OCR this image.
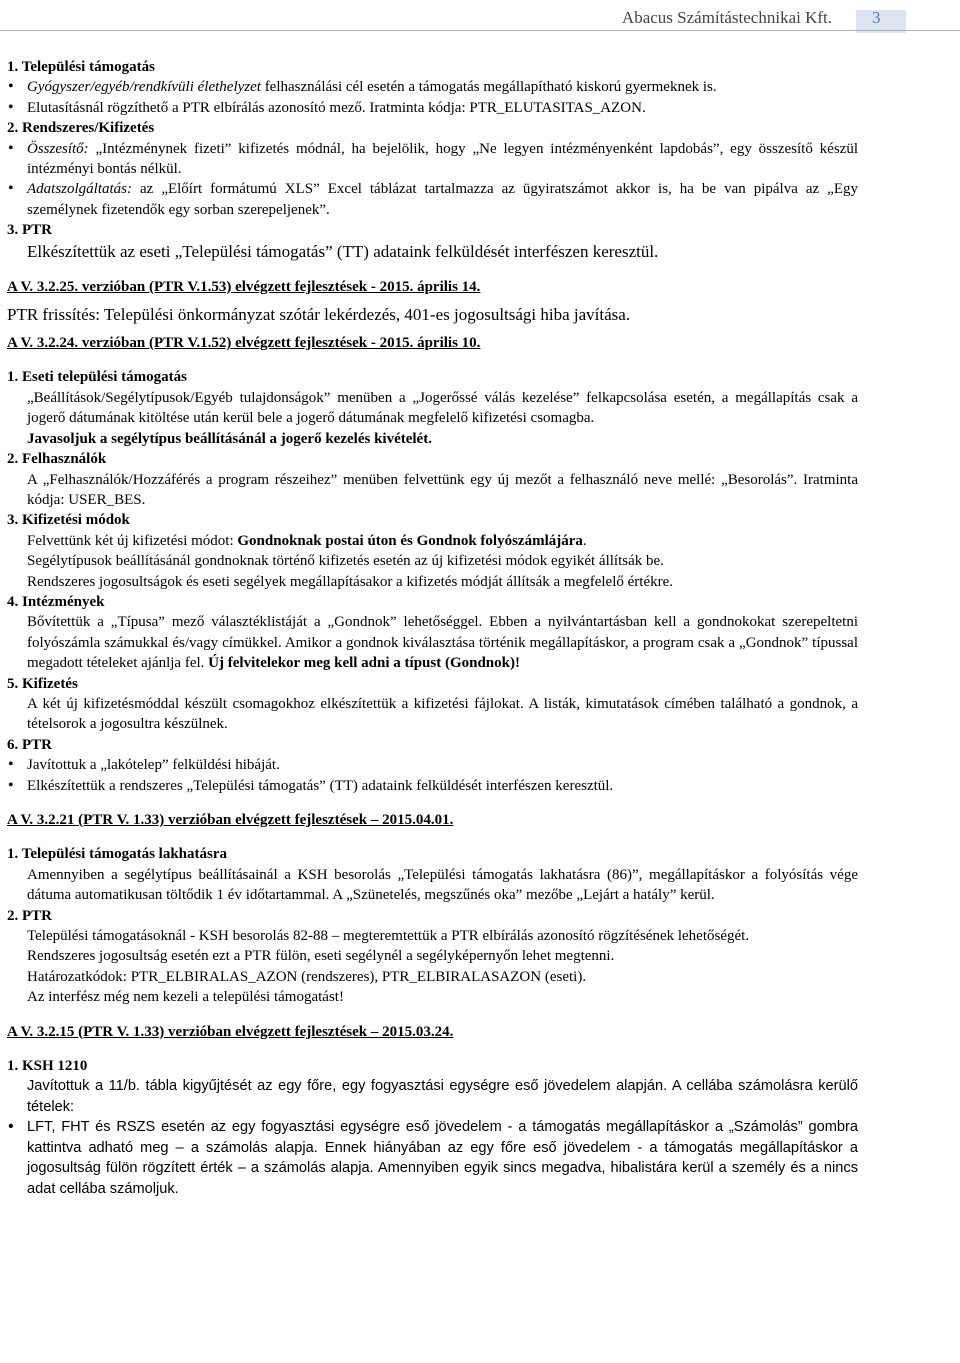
Abacus Számítástechnikai Kft. 3

1. Települési támogatás

• Gyógyszer/egyéb/rendkívüli élethelyzet felhasználási cél esetén a támogatás megállapítható kiskorú gyermeknek is.
• Elutasításnál rögzíthető a PTR elbírálás azonosító mező. Iratminta kódja: PTR_ELUTASITAS_AZON.

2. Rendszeres/Kifizetés

• Összesítő: „Intézménynek fizeti” kifizetés módnál, ha bejelölik, hogy „Ne legyen intézményenként lapdobás”, egy összesítő készül intézményi bontás nélkül.
• Adatszolgáltatás: az „Előírt formátumú XLS” Excel táblázat tartalmazza az ügyiratszámot akkor is, ha be van pipálva az „Egy személynek fizetendők egy sorban szerepeljenek”.

3. PTR

Elkészítettük az eseti „Települési támogatás” (TT) adataink felküldését interfészen keresztül.

A V. 3.2.25. verzióban (PTR V.1.53) elvégzett fejlesztések - 2015. április 14.

PTR frissítés: Települési önkormányzat szótár lekérdezés, 401-es jogosultsági hiba javítása.

A V. 3.2.24. verzióban (PTR V.1.52) elvégzett fejlesztések - 2015. április 10.

1. Eseti települési támogatás

„Beállítások/Segélytípusok/Egyéb tulajdonságok” menüben a „Jogerőssé válás kezelése” felkapcsolása esetén, a megállapítás csak a jogerő dátumának kitöltése után kerül bele a jogerő dátumának megfelelő kifizetési csomagba.

Javasoljuk a segélytípus beállításánál a jogerő kezelés kivételét.

2. Felhasználók

A „Felhasználók/Hozzáférés a program részeihez” menüben felvettünk egy új mezőt a felhasználó neve mellé: „Besorolás”. Iratminta kódja: USER_BES.

3. Kifizetési módok

Felvettünk két új kifizetési módot: Gondnoknak postai úton és Gondnok folyószámlájára.

Segélytípusok beállításánál gondnoknak történő kifizetés esetén az új kifizetési módok egyikét állítsák be.

Rendszeres jogosultságok és eseti segélyek megállapításakor a kifizetés módját állítsák a megfelelő értékre.

4. Intézmények

Bővítettük a „Típusa” mező választéklistáját a „Gondnok” lehetőséggel. Ebben a nyilvántartásban kell a gondnokokat szerepeltetni folyószámla számukkal és/vagy címükkel. Amikor a gondnok kiválasztása történik megállapításkor, a program csak a „Gondnok” típussal megadott tételeket ajánlja fel. Új felvitelekor meg kell adni a típust (Gondnok)!

5. Kifizetés

A két új kifizetésmóddal készült csomagokhoz elkészítettük a kifizetési fájlokat. A listák, kimutatások címében található a gondnok, a tételsorok a jogosultra készülnek.

6. PTR

• Javítottuk a „lakótelep” felküldési hibáját.
• Elkészítettük a rendszeres „Települési támogatás” (TT) adataink felküldését interfészen keresztül.

A V. 3.2.21 (PTR V. 1.33) verzióban elvégzett fejlesztések – 2015.04.01.

1. Települési támogatás lakhatásra

Amennyiben a segélytípus beállításainál a KSH besorolás „Települési támogatás lakhatásra (86)”, megállapításkor a folyósítás vége dátuma automatikusan töltődik 1 év időtartammal. A „Szünetelés, megszűnés oka” mezőbe „Lejárt a hatály” kerül.

2. PTR

Települési támogatásoknál - KSH besorolás 82-88 – megteremtettük a PTR elbírálás azonosító rögzítésének lehetőségét.

Rendszeres jogosultság esetén ezt a PTR fülön, eseti segélynél a segélyképernyőn lehet megtenni.

Határozatkódok: PTR_ELBIRALAS_AZON (rendszeres), PTR_ELBIRALASAZON (eseti).

Az interfész még nem kezeli a települési támogatást!

A V. 3.2.15 (PTR V. 1.33) verzióban elvégzett fejlesztések – 2015.03.24.

1. KSH 1210

Javítottuk a 11/b. tábla kigyűjtését az egy főre, egy fogyasztási egységre eső jövedelem alapján. A cellába számolásra kerülő tételek:

• LFT, FHT és RSZS esetén az egy fogyasztási egységre eső jövedelem - a támogatás megállapításkor a „Számolás” gombra kattintva adható meg – a számolás alapja. Ennek hiányában az egy főre eső jövedelem - a támogatás megállapításkor a jogosultság fülön rögzített érték – a számolás alapja. Amennyiben egyik sincs megadva, hibalistára kerül a személy és a nincs adat cellába számoljuk.
